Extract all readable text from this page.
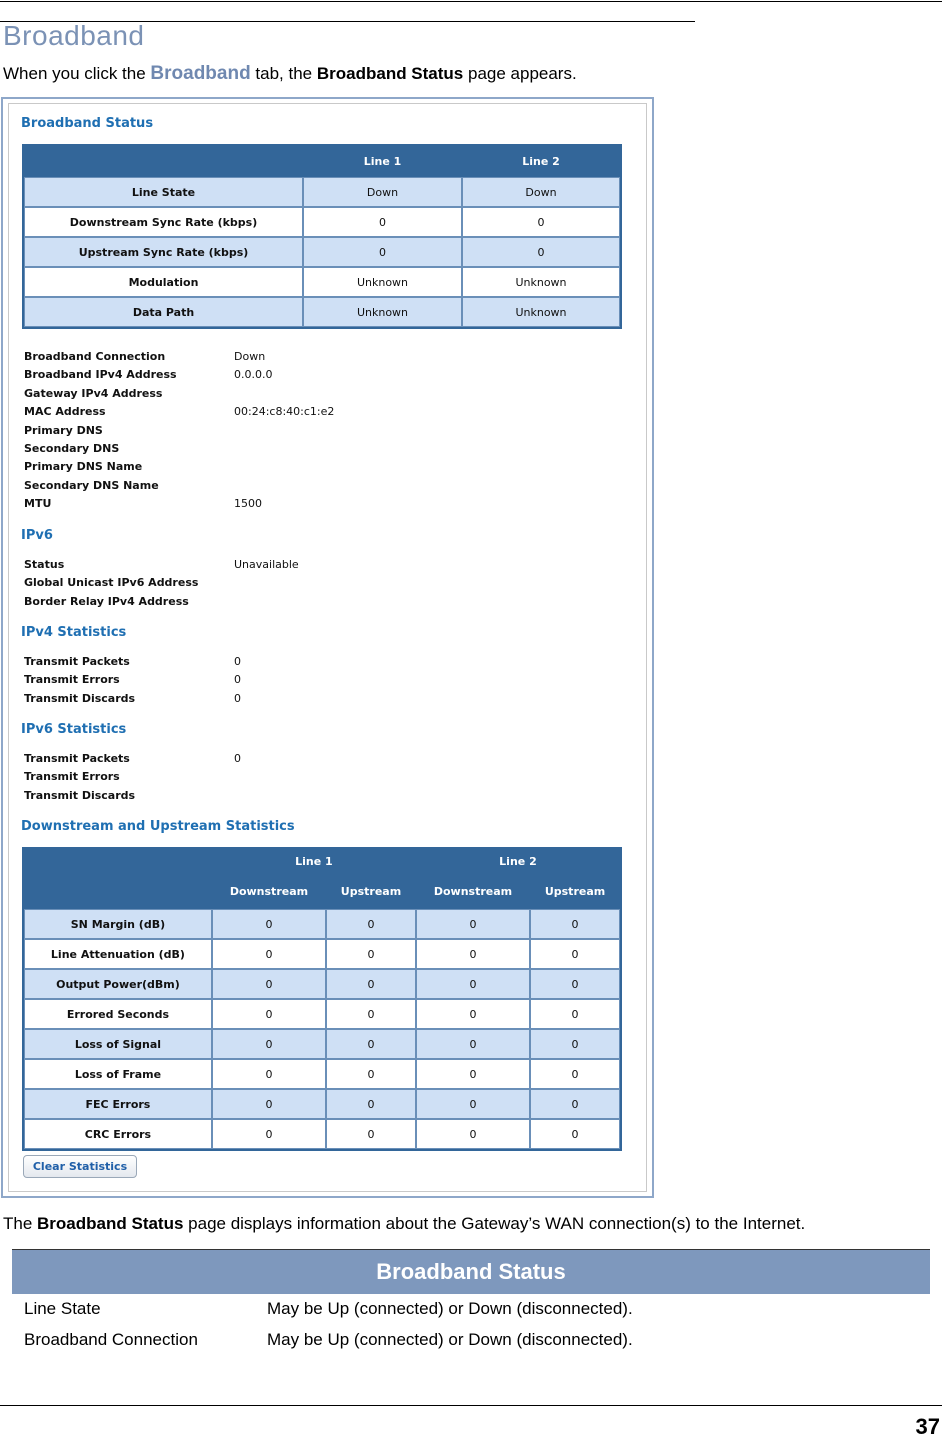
Broadband
When you click the Broadband tab, the Broadband Status page appears.
Broadband Status
	Line 1	Line 2
Line State	Down	Down
Downstream Sync Rate (kbps)	0	0
Upstream Sync Rate (kbps)	0	0
Modulation	Unknown	Unknown
Data Path	Unknown	Unknown
Broadband Connection	Down
Broadband IPv4 Address	0.0.0.0
Gateway IPv4 Address
MAC Address	00:24:c8:40:c1:e2
Primary DNS
Secondary DNS
Primary DNS Name
Secondary DNS Name
MTU	1500
Status	Unavailable
Global Unicast IPv6 Address
Border Relay IPv4 Address
Transmit Packets	0
Transmit Errors	0
Transmit Discards	0
Transmit Packets	0
Transmit Errors
Transmit Discards
IPv6
IPv4 Statistics
IPv6 Statistics
Downstream and Upstream Statistics
	Line 1		Line 2	
	Downstream	Upstream	Downstream	Upstream
SN Margin (dB)	0	0	0	0
Line Attenuation (dB)	0	0	0	0
Output Power(dBm)	0	0	0	0
Errored Seconds	0	0	0	0
Loss of Signal	0	0	0	0
Loss of Frame	0	0	0	0
FEC Errors	0	0	0	0
CRC Errors	0	0	0	0
Clear Statistics
The Broadband Status page displays information about the Gateway’s WAN connection(s) to the Internet.
Broadband Status
Line State	May be Up (connected) or Down (disconnected).
Broadband Connection	May be Up (connected) or Down (disconnected).
37
